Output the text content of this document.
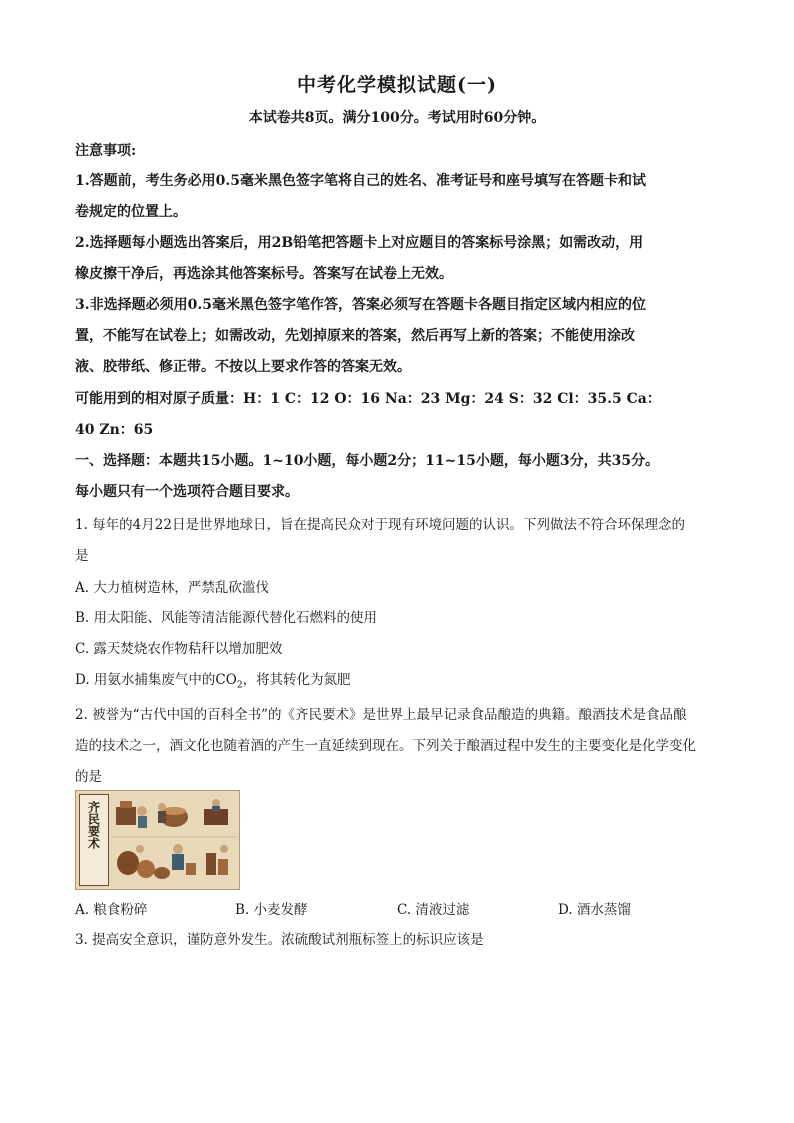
中考化学模拟试题(一)
本试卷共8页。满分100分。考试用时60分钟。
注意事项:
1.答题前，考生务必用0.5毫米黑色签字笔将自己的姓名、准考证号和座号填写在答题卡和试
卷规定的位置上。
2.选择题每小题选出答案后，用2B铅笔把答题卡上对应题目的答案标号涂黑；如需改动，用
橡皮擦干净后，再选涂其他答案标号。答案写在试卷上无效。
3.非选择题必须用0.5毫米黑色签字笔作答，答案必须写在答题卡各题目指定区域内相应的位
置，不能写在试卷上；如需改动，先划掉原来的答案，然后再写上新的答案；不能使用涂改
液、胶带纸、修正带。不按以上要求作答的答案无效。
可能用到的相对原子质量：H：1 C：12 O：16 Na：23 Mg：24 S：32 Cl：35.5 Ca：
40 Zn：65
一、选择题：本题共15小题。1~10小题，每小题2分；11~15小题，每小题3分，共35分。
每小题只有一个选项符合题目要求。
1. 每年的4月22日是世界地球日，旨在提高民众对于现有环境问题的认识。下列做法不符合环保理念的
是
A. 大力植树造林，严禁乱砍滥伐
B. 用太阳能、风能等清洁能源代替化石燃料的使用
C. 露天焚烧农作物秸秆以增加肥效
D. 用氨水捕集废气中的$CO_2$，将其转化为氮肥
2. 被誉为“古代中国的百科全书”的《齐民要术》是世界上最早记录食品酿造的典籍。酿酒技术是食品酿
造的技术之一，酒文化也随着酒的产生一直延续到现在。下列关于酿酒过程中发生的主要变化是化学变化
的是
齐民要术
A. 粮食粉碎	B. 小麦发酵	C. 清液过滤	D. 酒水蒸馏
3. 提高安全意识，谨防意外发生。浓硫酸试剂瓶标签上的标识应该是
